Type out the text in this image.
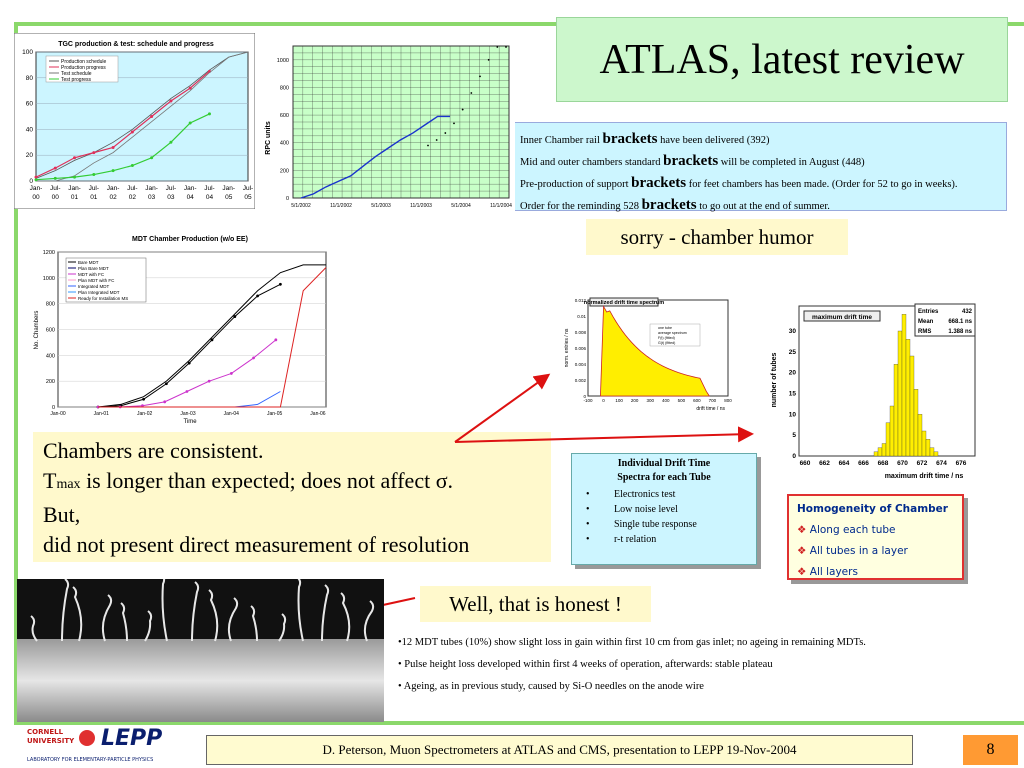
ATLAS, latest review
Inner Chamber rail brackets have been delivered (392)
Mid and outer chambers standard brackets will be completed in August (448)
Pre-production of support brackets for feet chambers has been made. (Order for 52 to go in weeks).
Order for the reminding 528 brackets to go out at the end of summer.
sorry - chamber humor
TGC production & test: schedule and progress
0
20
40
60
80
100
Jan-
00
Jul-
00
Jan-
01
Jul-
01
Jan-
02
Jul-
02
Jan-
03
Jul-
03
Jan-
04
Jul-
04
Jan-
05
Jul-
05
Production schedule
Production progress
Test schedule
Test progress
0
200
400
600
800
1000
5/1/2002	11/1/2002	5/1/2003	11/1/2003	5/1/2004	11/1/2004
RPC units
MDT Chamber Production (w/o EE)
0
200
400
600
800
1000
1200
Jan-00	Jan-01	Jan-02	Jan-03	Jan-04	Jan-05	Jan-06
Bare MDT
Plan Bare MDT
MDT with FC
Plan MDT with FC
Integrated MDT
Plan Integrated MDT
Ready for Installation MS
No. Chambers
Time
normalized drift time spectrum
0
0.002
0.004
0.006
0.008
0.01
0.012
-100 0 100 200 300 400 500 600 700 800
one tube
average spectrum
F(t) (fitted)
G(t) (fitted)
norm. entries / ns
drift time / ns
maximum drift time
Entries	432
Mean 668.1 ns
RMS	1.388 ns
0
5
10
15
20
25
30
660 662 664 666 668 670 672 674 676
number of tubes
maximum drift time / ns
Chambers are consistent.
Tmax is longer than expected; does not affect σ.
But,
did not present direct measurement of resolution
Individual Drift Time
Spectra for each Tube
• Electronics test
• Low noise level
• Single tube response
• r-t relation
Homogeneity of Chamber
❖ Along each tube
❖ All tubes in a layer
❖ All layers
Well, that is honest !

•12 MDT tubes (10%) show slight loss in gain within first 10 cm from gas inlet; no ageing in remaining MDTs.

• Pulse height loss developed within first 4 weeks of operation, afterwards: stable plateau

• Ageing, as in previous study, caused by Si-O needles on the anode wire

CORNELL
UNIVERSITY LEPP
LABORATORY FOR ELEMENTARY-PARTICLE PHYSICS
D. Peterson, Muon Spectrometers at ATLAS and CMS, presentation to LEPP 19-Nov-2004	8
